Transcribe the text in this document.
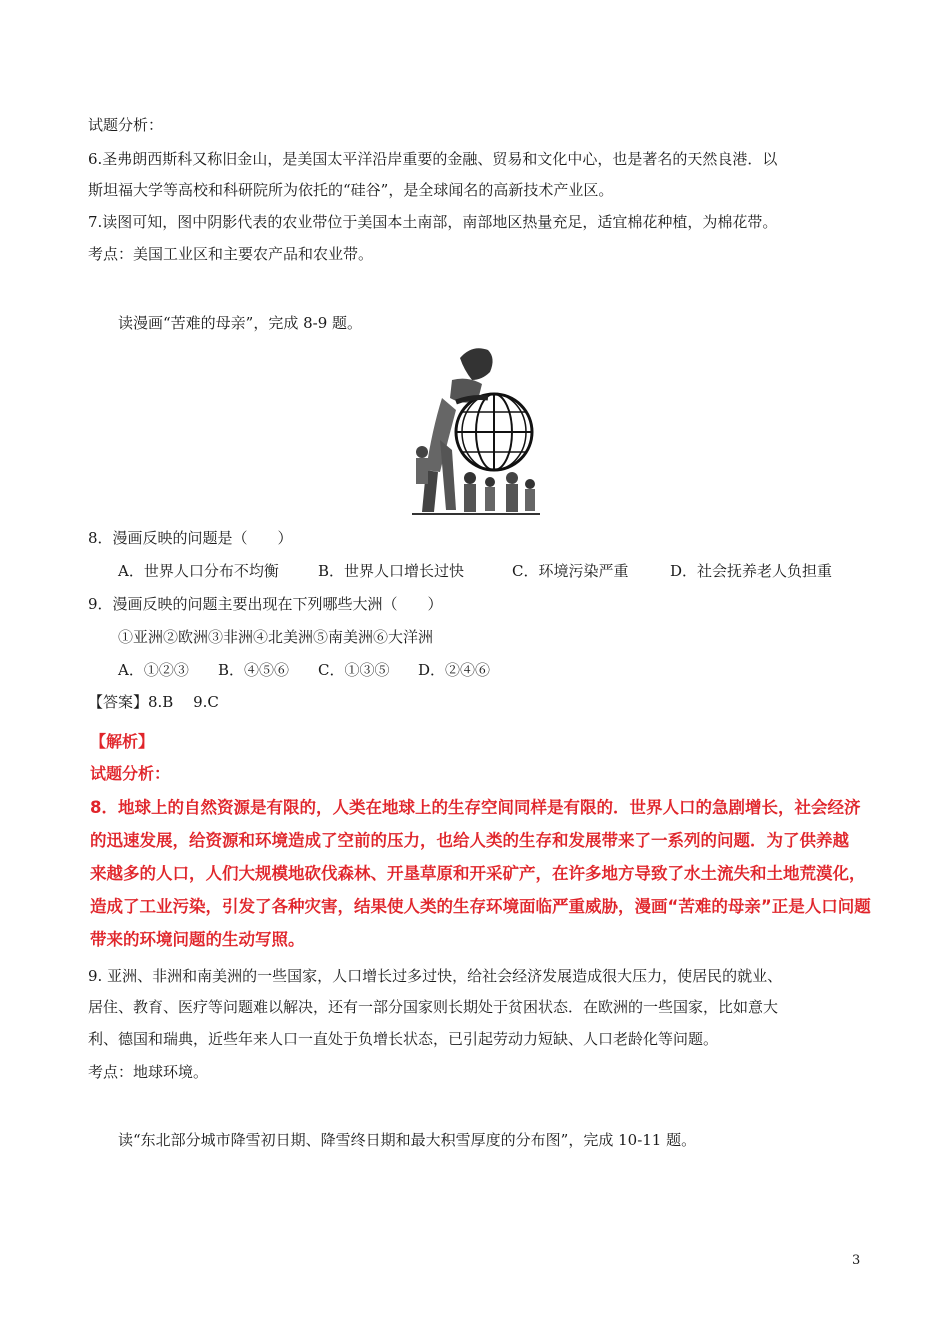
试题分析：
6.圣弗朗西斯科又称旧金山，是美国太平洋沿岸重要的金融、贸易和文化中心，也是著名的天然良港．以
斯坦福大学等高校和科研院所为依托的“硅谷”，是全球闻名的高新技术产业区。
7.读图可知，图中阴影代表的农业带位于美国本土南部，南部地区热量充足，适宜棉花种植，为棉花带。
考点：美国工业区和主要农产品和农业带。
读漫画“苦难的母亲”，完成 8-9 题。
8．漫画反映的问题是（　　）
A．世界人口分布不均衡	B．世界人口增长过快	C．环境污染严重	D．社会抚养老人负担重
9．漫画反映的问题主要出现在下列哪些大洲（　　）
①亚洲②欧洲③非洲④北美洲⑤南美洲⑥大洋洲
A．①②③ B．④⑤⑥ C．①③⑤ D．②④⑥
【答案】8.B　 9.C
【解析】
试题分析：
8．地球上的自然资源是有限的，人类在地球上的生存空间同样是有限的．世界人口的急剧增长，社会经济
的迅速发展，给资源和环境造成了空前的压力，也给人类的生存和发展带来了一系列的问题．为了供养越
来越多的人口，人们大规模地砍伐森林、开垦草原和开采矿产，在许多地方导致了水土流失和土地荒漠化，
造成了工业污染，引发了各种灾害，结果使人类的生存环境面临严重威胁，漫画“苦难的母亲”正是人口问题
带来的环境问题的生动写照。
9. 亚洲、非洲和南美洲的一些国家，人口增长过多过快，给社会经济发展造成很大压力，使居民的就业、
居住、教育、医疗等问题难以解决，还有一部分国家则长期处于贫困状态．在欧洲的一些国家，比如意大
利、德国和瑞典，近些年来人口一直处于负增长状态，已引起劳动力短缺、人口老龄化等问题。
考点：地球环境。
读“东北部分城市降雪初日期、降雪终日期和最大积雪厚度的分布图”，完成 10-11 题。
3
